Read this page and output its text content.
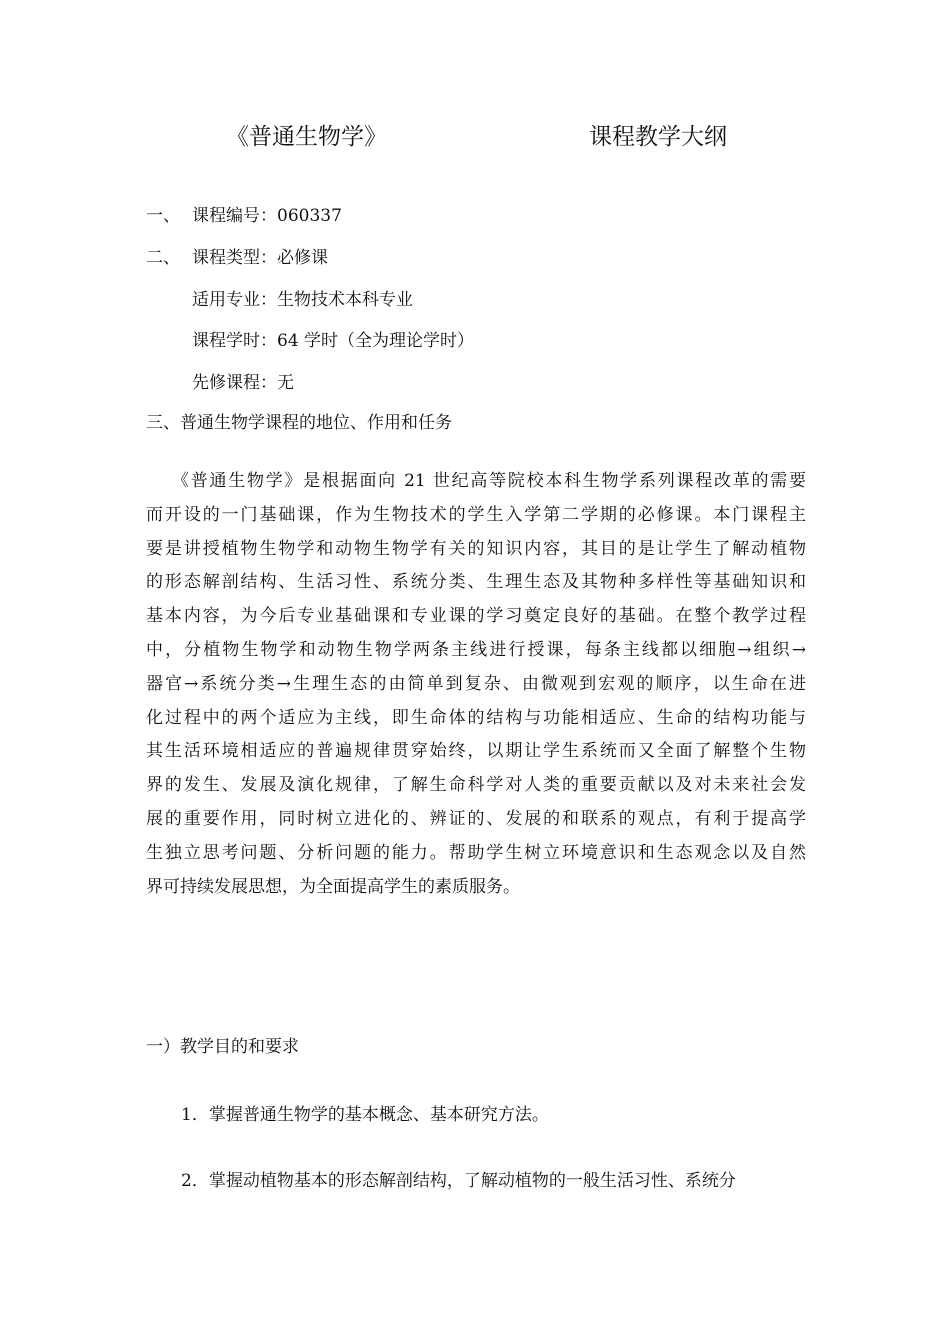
《普通生物学》	课程教学大纲
一、 课程编号：060337
二、 课程类型：必修课
适用专业：生物技术本科专业
课程学时：64 学时（全为理论学时）
先修课程：无
三、普通生物学课程的地位、作用和任务
《普通生物学》是根据面向 21 世纪高等院校本科生物学系列课程改革的需要
而开设的一门基础课，作为生物技术的学生入学第二学期的必修课。本门课程主
要是讲授植物生物学和动物生物学有关的知识内容，其目的是让学生了解动植物
的形态解剖结构、生活习性、系统分类、生理生态及其物种多样性等基础知识和
基本内容，为今后专业基础课和专业课的学习奠定良好的基础。在整个教学过程
中，分植物生物学和动物生物学两条主线进行授课，每条主线都以细胞→组织→
器官→系统分类→生理生态的由简单到复杂、由微观到宏观的顺序，以生命在进
化过程中的两个适应为主线，即生命体的结构与功能相适应、生命的结构功能与
其生活环境相适应的普遍规律贯穿始终，以期让学生系统而又全面了解整个生物
界的发生、发展及演化规律，了解生命科学对人类的重要贡献以及对未来社会发
展的重要作用，同时树立进化的、辨证的、发展的和联系的观点，有利于提高学
生独立思考问题、分析问题的能力。帮助学生树立环境意识和生态观念以及自然
界可持续发展思想，为全面提高学生的素质服务。
一）教学目的和要求
1．掌握普通生物学的基本概念、基本研究方法。
2．掌握动植物基本的形态解剖结构，了解动植物的一般生活习性、系统分
